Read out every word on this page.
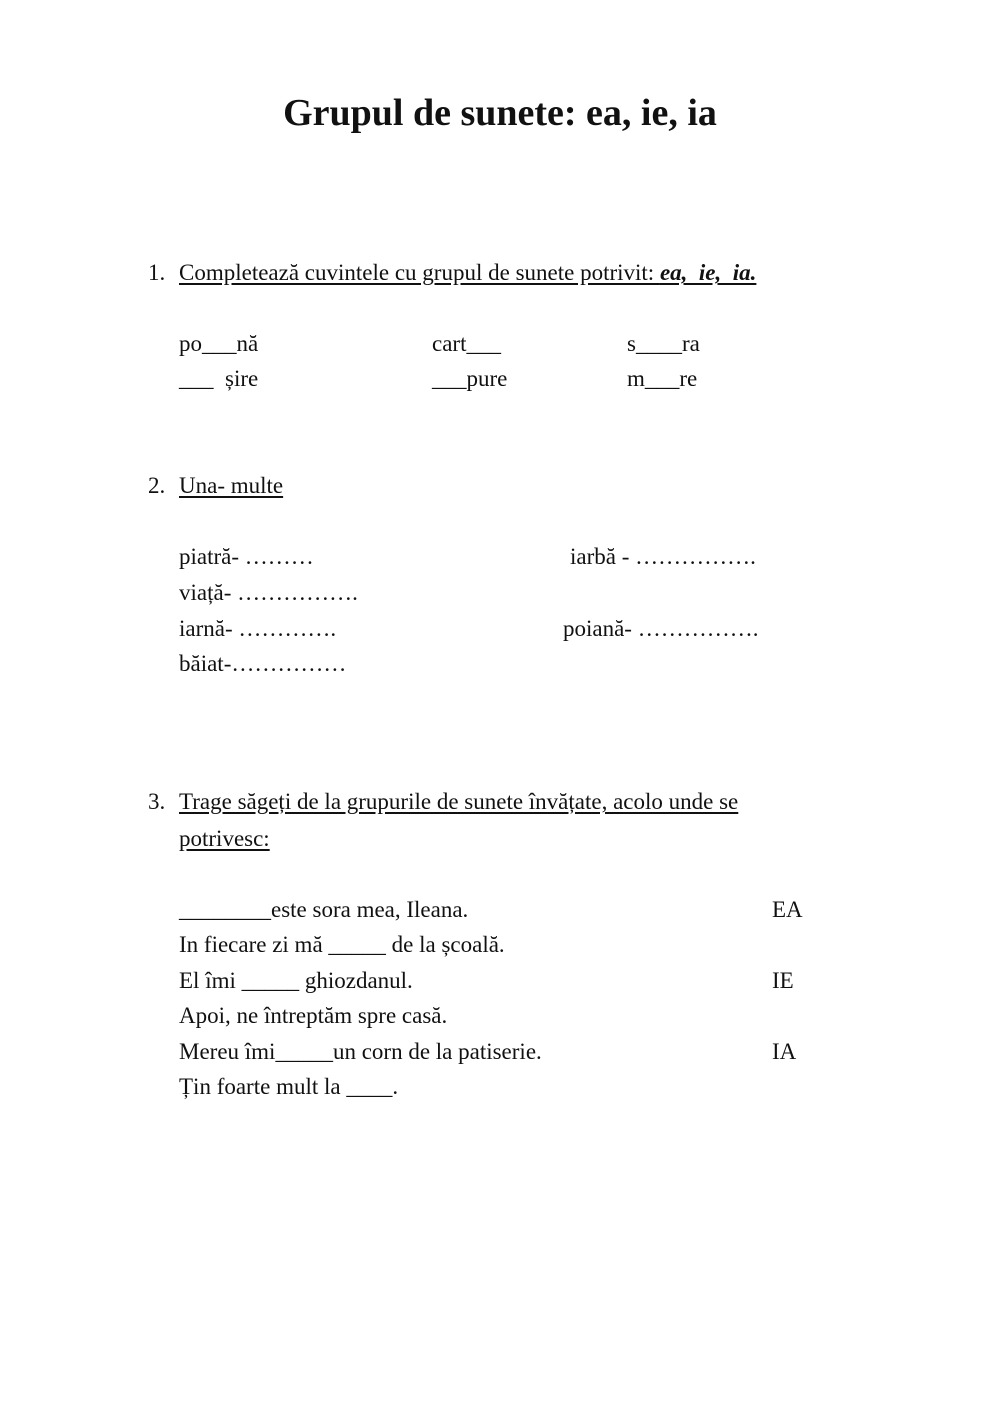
Grupul de sunete: ea, ie, ia
1. Completează cuvintele cu grupul de sunete potrivit: ea,  ie,  ia.
po___nă	cart___	s____ra
___  șire	___pure	m___re
2. Una- multe
piatră- ………	iarbă - …………….
viață- …………….
iarnă- ………….	poiană- …………….
băiat-……………
3. Trage săgeți de la grupurile de sunete învățate, acolo unde se
potrivesc:
________este sora mea, Ileana.
In fiecare zi mă _____ de la școală.
El îmi _____ ghiozdanul.
Apoi, ne întreptăm spre casă.
Mereu îmi_____un corn de la patiserie.
Țin foarte mult la ____.
EA
IE
IA
